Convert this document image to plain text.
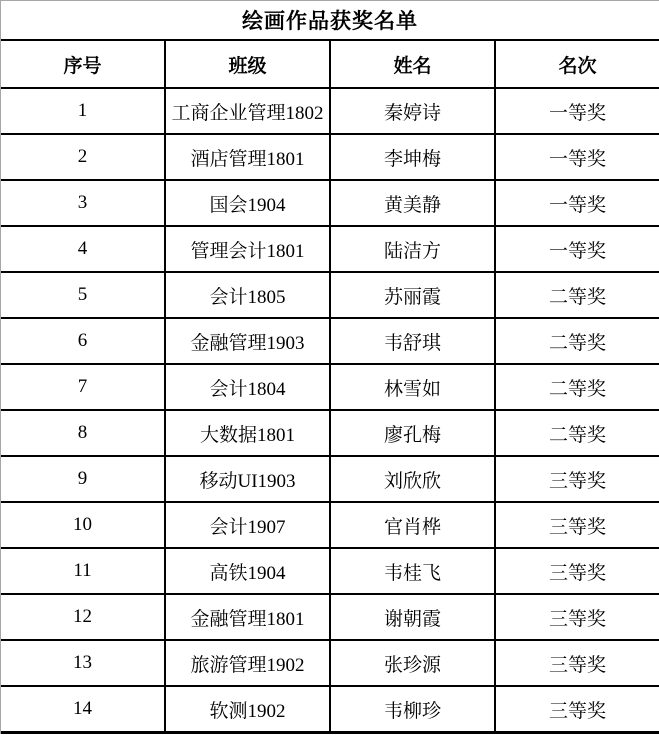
绘画作品获奖名单
序号	班级	姓名	名次
1	工商企业管理1802	秦婷诗	一等奖
2	酒店管理1801	李坤梅	一等奖
3	国会1904	黄美静	一等奖
4	管理会计1801	陆洁方	一等奖
5	会计1805	苏丽霞	二等奖
6	金融管理1903	韦舒琪	二等奖
7	会计1804	林雪如	二等奖
8	大数据1801	廖孔梅	二等奖
9	移动UI1903	刘欣欣	三等奖
10	会计1907	官肖桦	三等奖
11	高铁1904	韦桂飞	三等奖
12	金融管理1801	谢朝霞	三等奖
13	旅游管理1902	张珍源	三等奖
14	软测1902	韦柳珍	三等奖
